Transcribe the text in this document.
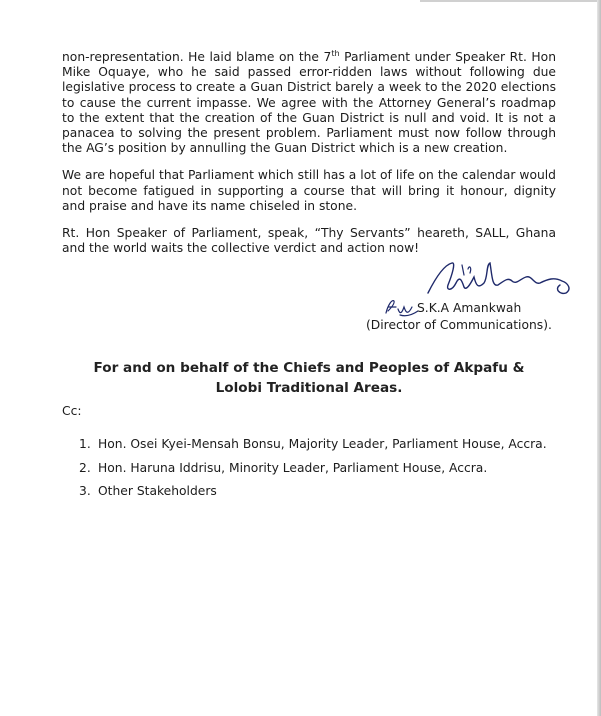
non-representation. He laid blame on the 7th Parliament under Speaker Rt. Hon Mike Oquaye, who he said passed error-ridden laws without following due legislative process to create a Guan District barely a week to the 2020 elections to cause the current impasse. We agree with the Attorney General’s roadmap to the extent that the creation of the Guan District is null and void. It is not a panacea to solving the present problem. Parliament must now follow through the AG’s position by annulling the Guan District which is a new creation.

We are hopeful that Parliament which still has a lot of life on the calendar would not become fatigued in supporting a course that will bring it honour, dignity and praise and have its name chiseled in stone.

Rt. Hon Speaker of Parliament, speak, “Thy Servants” heareth, SALL, Ghana and the world waits the collective verdict and action now!

S.K.A Amankwah
(Director of Communications).
For and on behalf of the Chiefs and Peoples of Akpafu &
Lolobi Traditional Areas.
Cc:
1. Hon. Osei Kyei-Mensah Bonsu, Majority Leader, Parliament House, Accra.
2. Hon. Haruna Iddrisu, Minority Leader, Parliament House, Accra.
3. Other Stakeholders
